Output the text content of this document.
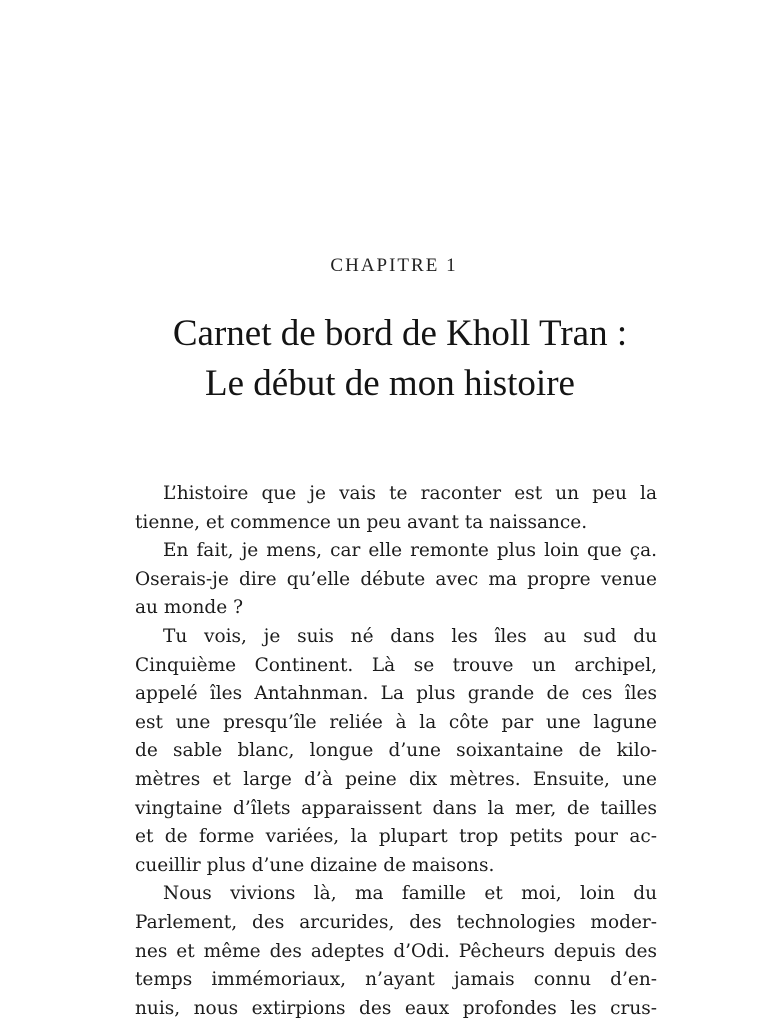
CHAPITRE 1
Carnet de bord de Kholl Tran :
Le début de mon histoire
L’histoire que je vais te raconter est un peu la
tienne, et commence un peu avant ta naissance.
En fait, je mens, car elle remonte plus loin que ça.
Oserais-je dire qu’elle débute avec ma propre venue
au monde ?
Tu vois, je suis né dans les îles au sud du
Cinquième Continent. Là se trouve un archipel,
appelé îles Antahnman. La plus grande de ces îles
est une presqu’île reliée à la côte par une lagune
de sable blanc, longue d’une soixantaine de kilo-
mètres et large d’à peine dix mètres. Ensuite, une
vingtaine d’îlets apparaissent dans la mer, de tailles
et de forme variées, la plupart trop petits pour ac-
cueillir plus d’une dizaine de maisons.
Nous vivions là, ma famille et moi, loin du
Parlement, des arcurides, des technologies moder-
nes et même des adeptes d’Odi. Pêcheurs depuis des
temps immémoriaux, n’ayant jamais connu d’en-
nuis, nous extirpions des eaux profondes les crus-
